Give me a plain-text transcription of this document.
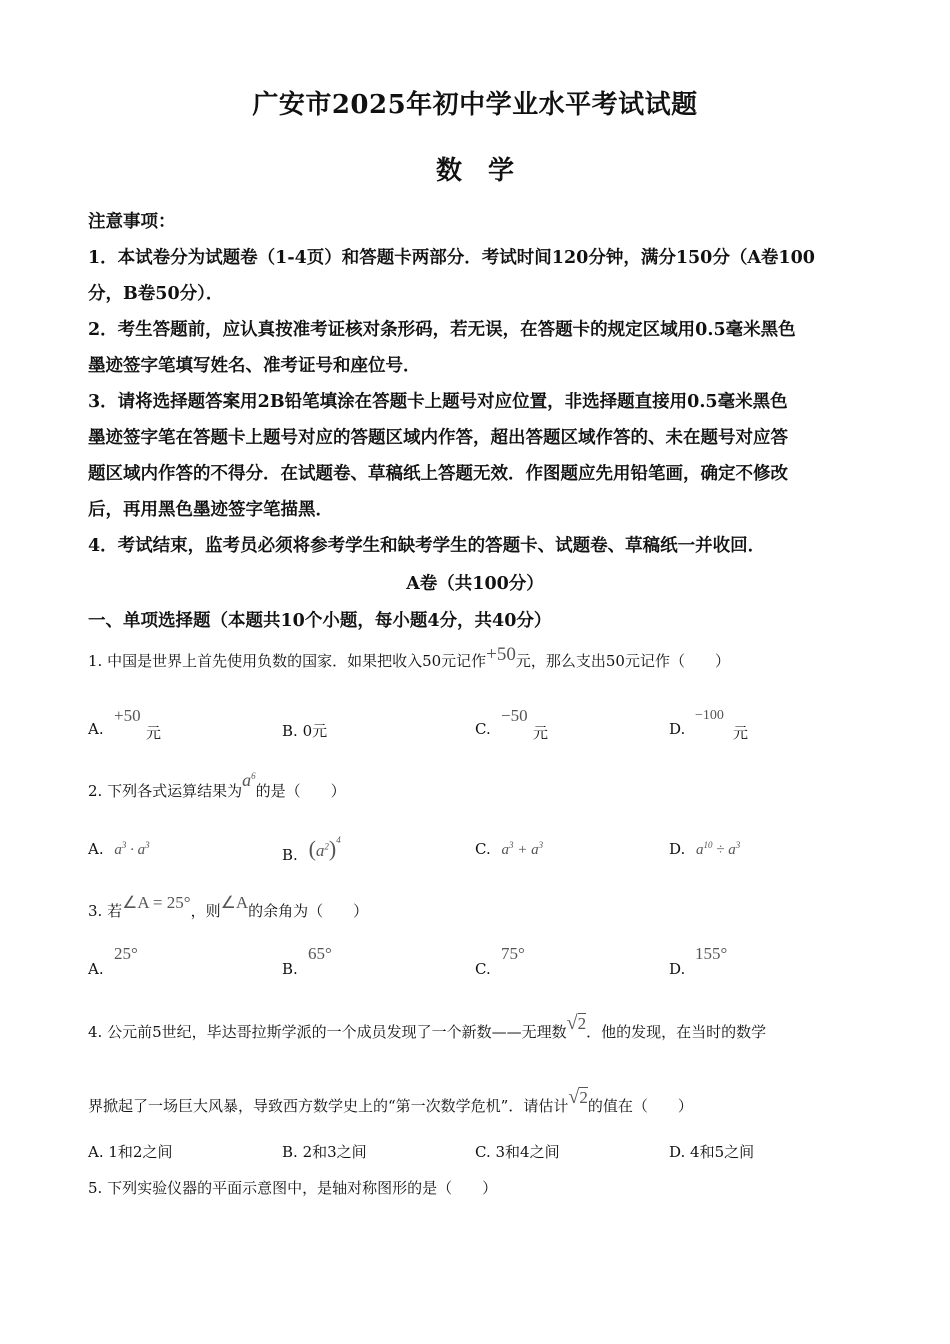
广安市2025年初中学业水平考试试题
数学
注意事项：
1．本试卷分为试题卷（1-4页）和答题卡两部分．考试时间120分钟，满分150分（A卷100
分，B卷50分）．
2．考生答题前，应认真按准考证核对条形码，若无误，在答题卡的规定区域用0.5毫米黑色
墨迹签字笔填写姓名、准考证号和座位号．
3．请将选择题答案用2B铅笔填涂在答题卡上题号对应位置，非选择题直接用0.5毫米黑色
墨迹签字笔在答题卡上题号对应的答题区域内作答，超出答题区域作答的、未在题号对应答
题区域内作答的不得分．在试题卷、草稿纸上答题无效．作图题应先用铅笔画，确定不修改
后，再用黑色墨迹签字笔描黑．
4．考试结束，监考员必须将参考学生和缺考学生的答题卡、试题卷、草稿纸一并收回．
A卷（共100分）
一、单项选择题（本题共10个小题，每小题4分，共40分）
1. 中国是世界上首先使用负数的国家．如果把收入50元记作+50元，那么支出50元记作（　　）
A.
+50
元	B. 0元	C.
−50
元	D.
−100
元
2. 下列各式运算结果为$a^6$的是（　　）
A. $a^3 \cdot a^3$
B. $(a^2)^4$	C. $a^3 + a^3$	D. $a^{10} \div a^3$
3. 若∠A = 25°，则∠A的余角为（　　）
A.
25°
B.
65°
C.
75°
D.
155°
4. 公元前5世纪，毕达哥拉斯学派的一个成员发现了一个新数——无理数√2．他的发现，在当时的数学
界掀起了一场巨大风暴，导致西方数学史上的“第一次数学危机”．请估计√2的值在（　　）
A. 1和2之间	B. 2和3之间	C. 3和4之间	D. 4和5之间
5. 下列实验仪器的平面示意图中，是轴对称图形的是（　　）
